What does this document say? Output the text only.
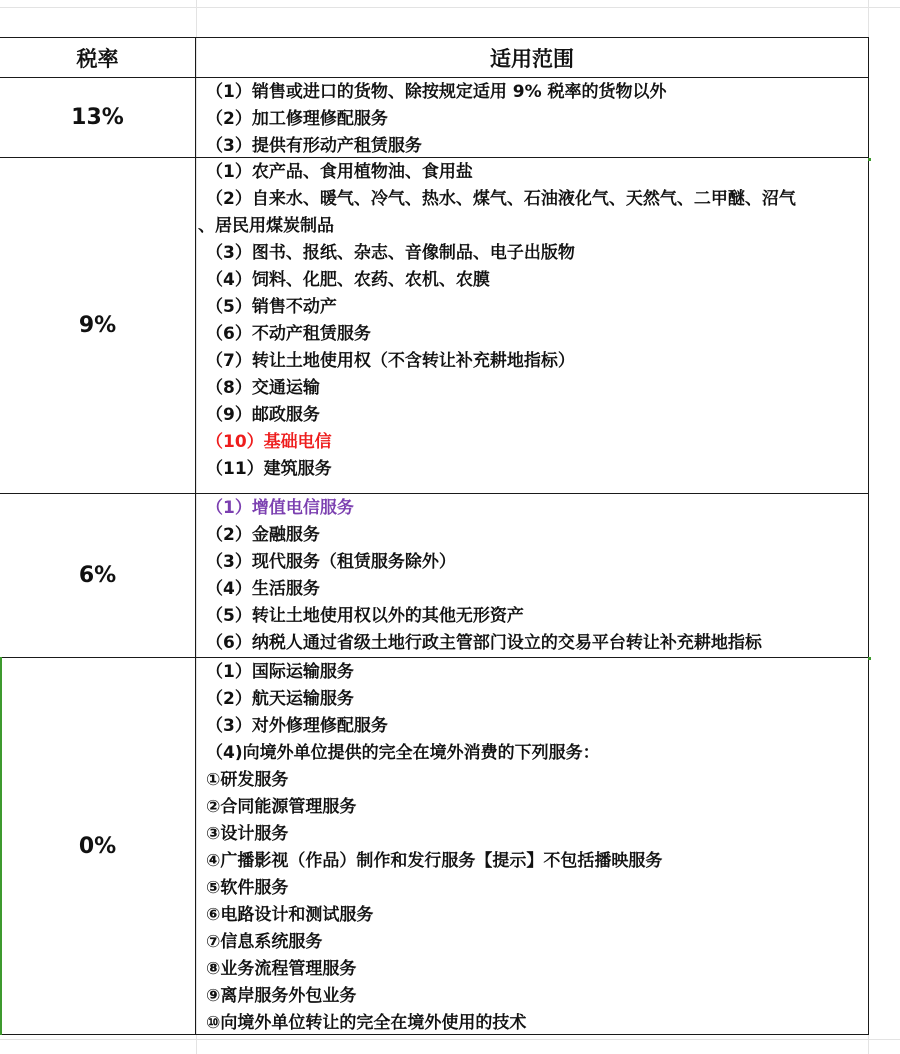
税率	适用范围
13%
（1）销售或进口的货物、除按规定适用 9% 税率的货物以外
（2）加工修理修配服务
（3）提供有形动产租赁服务
9%
（1）农产品、食用植物油、食用盐
（2）自来水、暖气、冷气、热水、煤气、石油液化气、天然气、二甲醚、沼气
、居民用煤炭制品
（3）图书、报纸、杂志、音像制品、电子出版物
（4）饲料、化肥、农药、农机、农膜
（5）销售不动产
（6）不动产租赁服务
（7）转让土地使用权（不含转让补充耕地指标）
（8）交通运输
（9）邮政服务
（10）基础电信
（11）建筑服务
6%
（1）增值电信服务
（2）金融服务
（3）现代服务（租赁服务除外）
（4）生活服务
（5）转让土地使用权以外的其他无形资产
（6）纳税人通过省级土地行政主管部门设立的交易平台转让补充耕地指标
0%
（1）国际运输服务
（2）航天运输服务
（3）对外修理修配服务
（4)向境外单位提供的完全在境外消费的下列服务：
①研发服务
②合同能源管理服务
③设计服务
④广播影视（作品）制作和发行服务【提示】不包括播映服务
⑤软件服务
⑥电路设计和测试服务
⑦信息系统服务
⑧业务流程管理服务
⑨离岸服务外包业务
⑩向境外单位转让的完全在境外使用的技术
